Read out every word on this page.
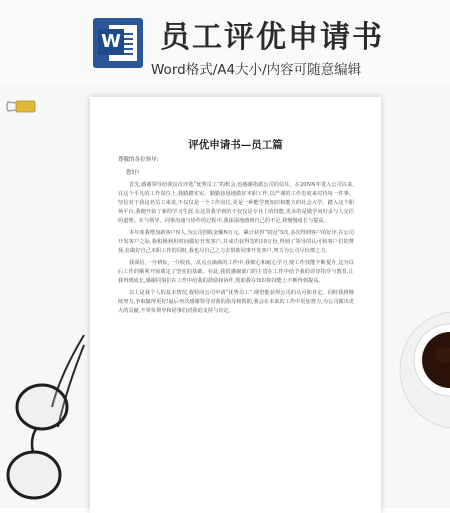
W 员工评优申请书
Word格式/A4大小/内容可随意编辑
评优申请书—员工篇
尊敬的各位领导:
您好!

首先,感谢领导给我这次评选“优秀员工”的机会,也感谢指派公司的信任。在20NN年进入公司以来,在这个平凡的工作岗位上,我踏踏实实、勤勤恳恳地做好本职工作,以严谨的工作态度来对待每一件事。坚信对于我这名员工来说,不仅仅是一个工作岗位,更是一种能学到知识和能力的社会大学。踏入这个职场平台,我便开始了新的学习生涯,在这里我学到的不仅仅是专业上的技能,更多的是做学问好多与人交往的道理。在与领导、同事沟通与协作的过程中,我深深地感到自己的不足,我慢慢成长与提高。

本年度我增加新客户N人,为公司创收金额N万元。累计获得“销冠”5次,多次得到客户的好评,在公司开发客户之际,我积极利用时间做好开发客户,并成功获得签约10万份,得到了领导的认可和客户们的赞扬,在做好自己本职工作的同时,我也尽自己之力去帮助同事开发客户,努力为公司尽份薄之力。

我深信,一分耕耘,一分收获。从点点滴滴的工作中,我细心和耐心学习,使工作技能不断提升,这为以后工作的顺利开展奠定了坚实的基础。在此,我很感谢部门的主管在工作中给予我的谆谆指导与教育,让我得到成长,感谢同事们在工作中给我的鼓励和协作,帮助我在知识和技能上不断得到提高。

以上是我个人的基本情况,我特向公司申请“优秀员工”,期望能获得公司的认可和肯定。同时我将继续努力,争取做得更好!最后再次感谢领导对我的指导和帮助,我会在未来的工作中更加努力,为公司做出更大的贡献,不辜负领导和同事们对我的支持与肯定。
